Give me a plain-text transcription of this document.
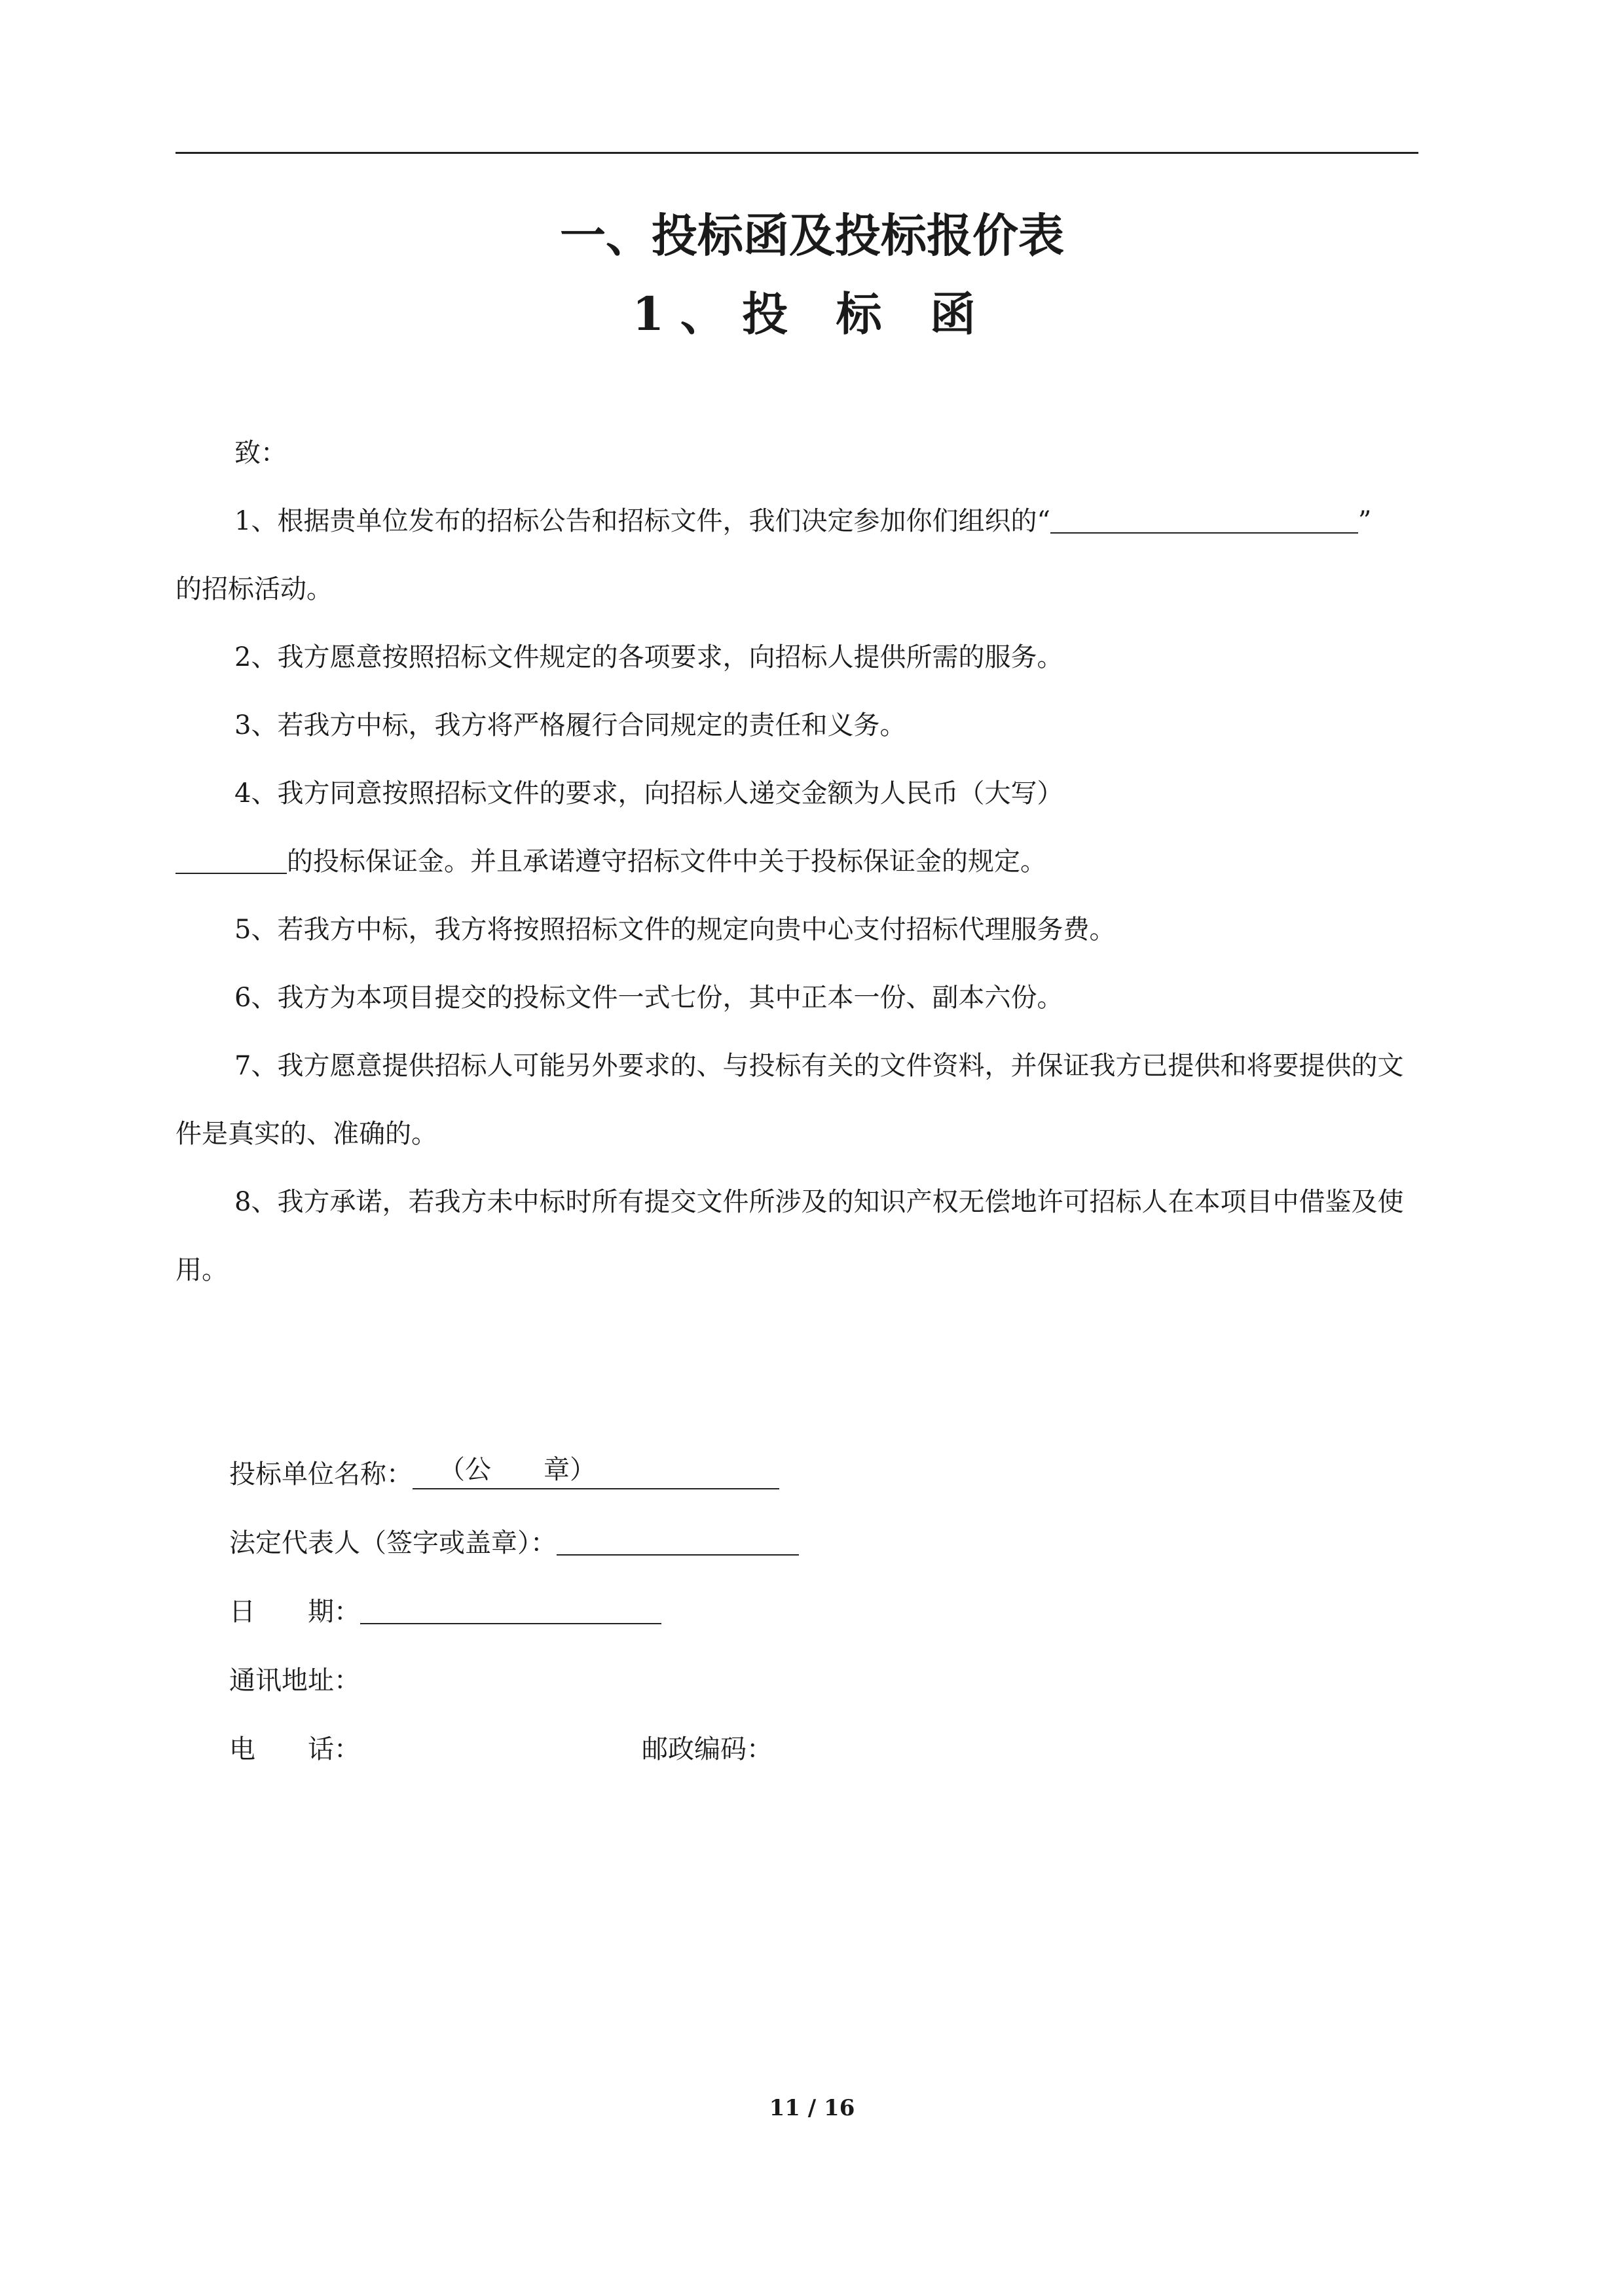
一、投标函及投标报价表
1、投 标 函

致：

1、根据贵单位发布的招标公告和招标文件，我们决定参加你们组织的“	”
的招标活动。

2、我方愿意按照招标文件规定的各项要求，向招标人提供所需的服务。

3、若我方中标，我方将严格履行合同规定的责任和义务。

4、我方同意按照招标文件的要求，向招标人递交金额为人民币（大写）
的投标保证金。并且承诺遵守招标文件中关于投标保证金的规定。

5、若我方中标，我方将按照招标文件的规定向贵中心支付招标代理服务费。

6、我方为本项目提交的投标文件一式七份，其中正本一份、副本六份。

7、我方愿意提供招标人可能另外要求的、与投标有关的文件资料，并保证我方已提供和将要提供的文件是真实的、准确的。

8、我方承诺，若我方未中标时所有提交文件所涉及的知识产权无偿地许可招标人在本项目中借鉴及使用。

投标单位名称： （公　　章）
法定代表人（签字或盖章）：
日　　期：
通讯地址：
电　　话：	邮政编码：
11 / 16
